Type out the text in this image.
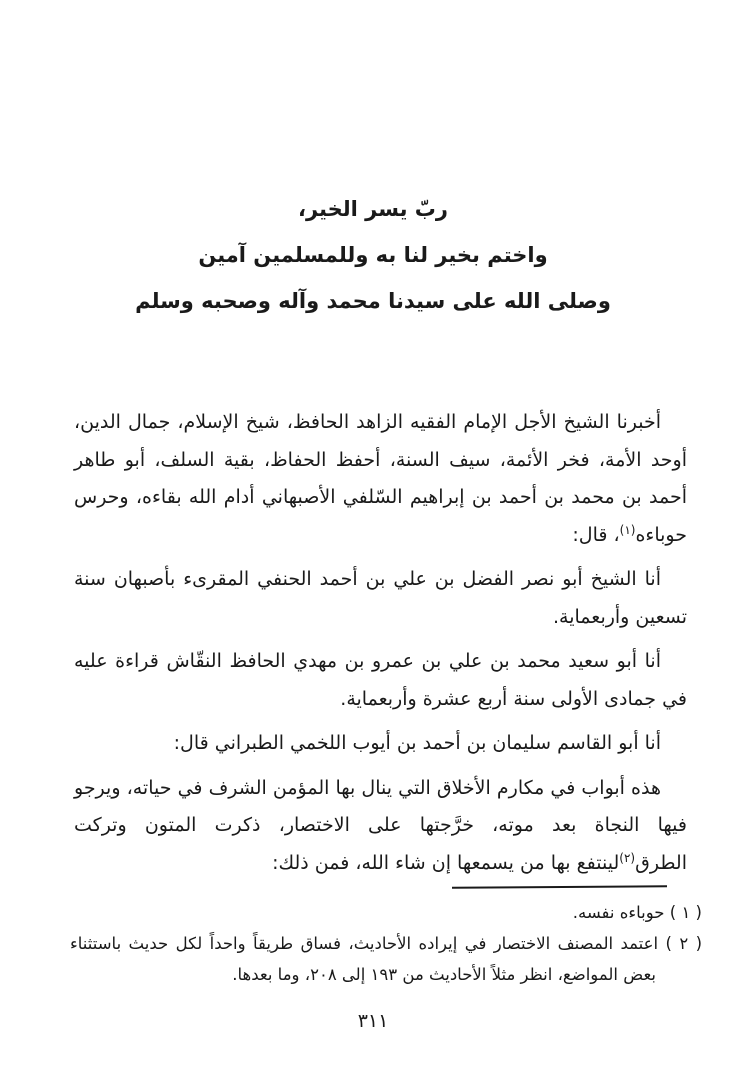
ربّ يسر الخير،
واختم بخير لنا به وللمسلمين آمين
وصلى الله على سيدنا محمد وآله وصحبه وسلم

أخبرنا الشيخ الأجل الإمام الفقيه الزاهد الحافظ، شيخ الإسلام، جمال الدين، أوحد الأمة، فخر الأئمة، سيف السنة، أحفظ الحفاظ، بقية السلف، أبو طاهر أحمد بن محمد بن أحمد بن إبراهيم السّلفي الأصبهاني أدام الله بقاءه، وحرس حوباءه$^{(١)}$، قال:

أنا الشيخ أبو نصر الفضل بن علي بن أحمد الحنفي المقرىء بأصبهان سنة تسعين وأربعماية.

أنا أبو سعيد محمد بن علي بن عمرو بن مهدي الحافظ النقّاش قراءة عليه في جمادى الأولى سنة أربع عشرة وأربعماية.

أنا أبو القاسم سليمان بن أحمد بن أيوب اللخمي الطبراني قال:

هذه أبواب في مكارم الأخلاق التي ينال بها المؤمن الشرف في حياته، ويرجو فيها النجاة بعد موته، خرَّجتها على الاختصار، ذكرت المتون وتركت الطرق$^{(٢)}$لينتفع بها من يسمعها إن شاء الله، فمن ذلك:

( ١ ) حوباءه نفسه.

( ٢ ) اعتمد المصنف الاختصار في إيراده الأحاديث، فساق طريقاً واحداً لكل حديث باستثناء بعض المواضع، انظر مثلاً الأحاديث من ١٩٣ إلى ٢٠٨، وما بعدها.

٣١١
